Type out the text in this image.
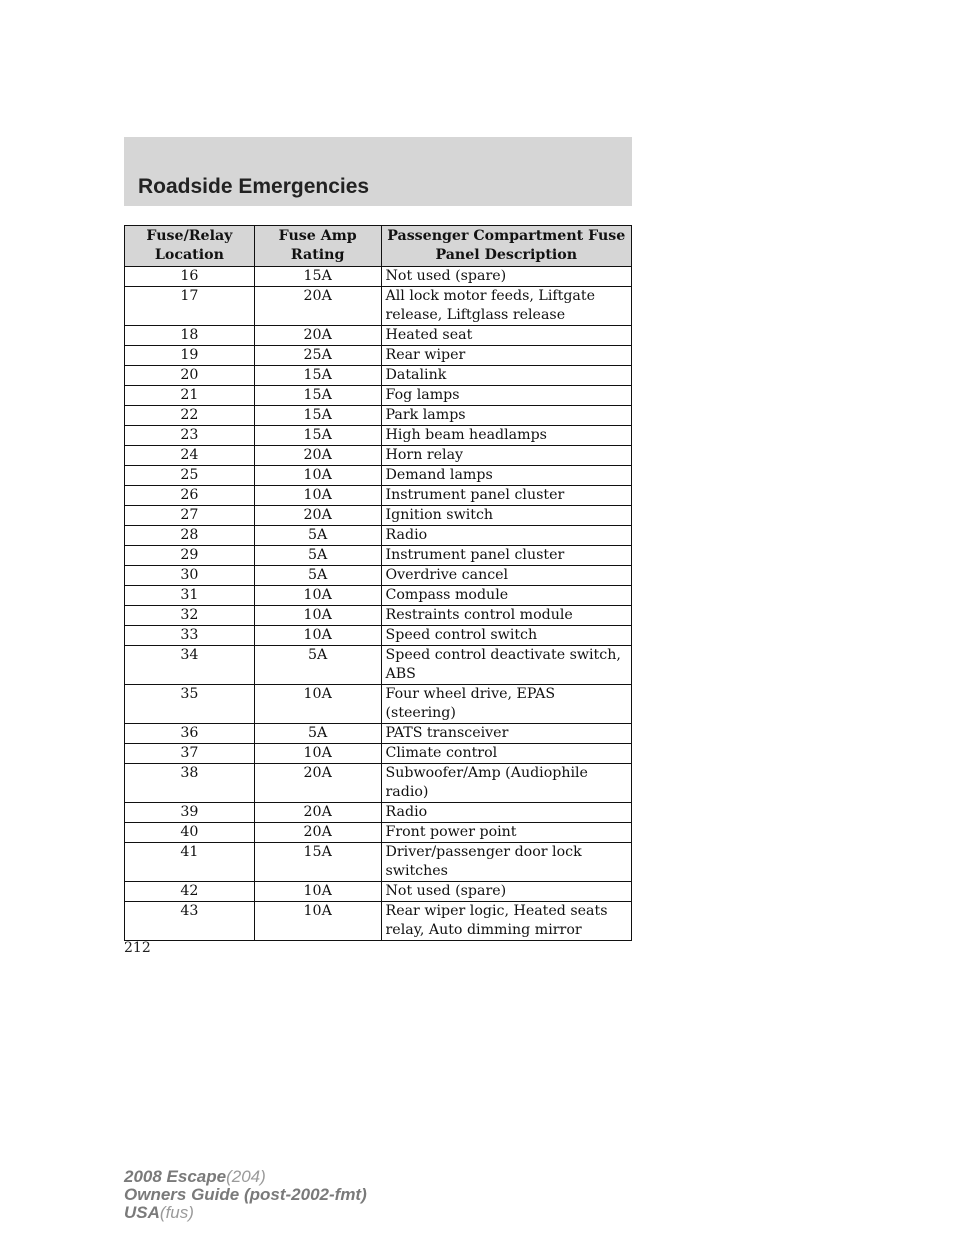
Roadside Emergencies
Fuse/Relay Location	Fuse Amp Rating	Passenger Compartment Fuse Panel Description
16	15A	Not used (spare)
17	20A	All lock motor feeds, Liftgate release, Liftglass release
18	20A	Heated seat
19	25A	Rear wiper
20	15A	Datalink
21	15A	Fog lamps
22	15A	Park lamps
23	15A	High beam headlamps
24	20A	Horn relay
25	10A	Demand lamps
26	10A	Instrument panel cluster
27	20A	Ignition switch
28	5A	Radio
29	5A	Instrument panel cluster
30	5A	Overdrive cancel
31	10A	Compass module
32	10A	Restraints control module
33	10A	Speed control switch
34	5A	Speed control deactivate switch, ABS
35	10A	Four wheel drive, EPAS (steering)
36	5A	PATS transceiver
37	10A	Climate control
38	20A	Subwoofer/Amp (Audiophile radio)
39	20A	Radio
40	20A	Front power point
41	15A	Driver/passenger door lock switches
42	10A	Not used (spare)
43	10A	Rear wiper logic, Heated seats relay, Auto dimming mirror
212
2008 Escape(204)
Owners Guide (post-2002-fmt)
USA(fus)
